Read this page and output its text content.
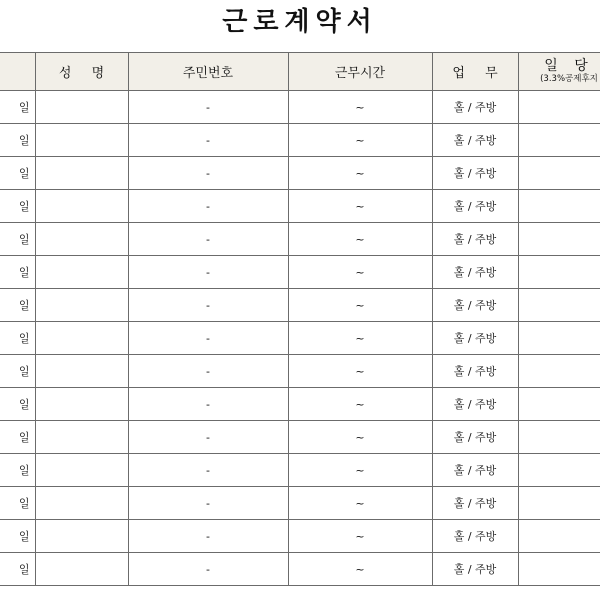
근로계약서
	성 명	주민번호	근무시간	업 무	일 당
(3.3%공제후지

일		-	~	홀 / 주방	
일		-	~	홀 / 주방	
일		-	~	홀 / 주방	
일		-	~	홀 / 주방	
일		-	~	홀 / 주방	
일		-	~	홀 / 주방	
일		-	~	홀 / 주방	
일		-	~	홀 / 주방	
일		-	~	홀 / 주방	
일		-	~	홀 / 주방	
일		-	~	홀 / 주방	
일		-	~	홀 / 주방	
일		-	~	홀 / 주방	
일		-	~	홀 / 주방	
일		-	~	홀 / 주방	
